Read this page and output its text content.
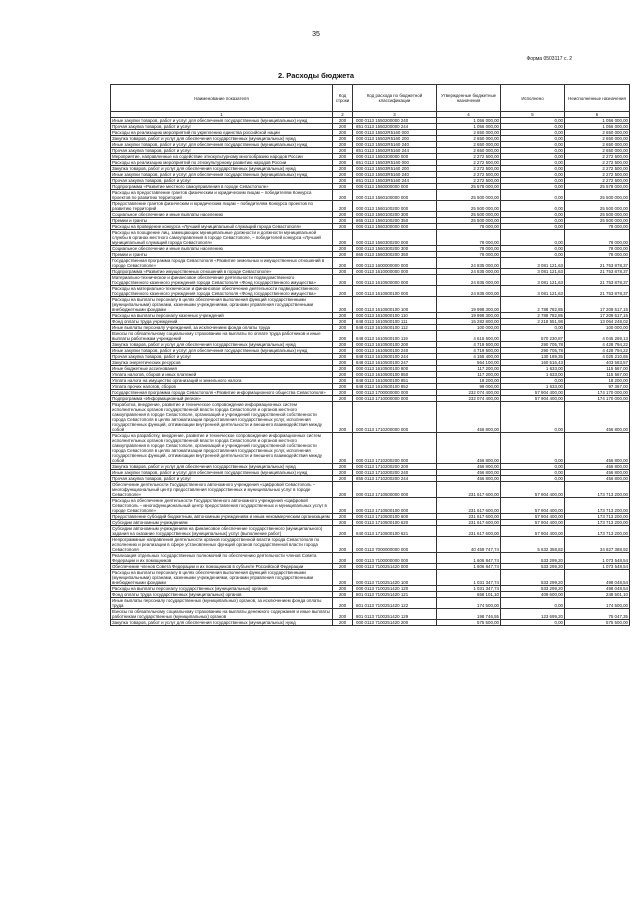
35
Форма 0503117 с. 2
2. Расходы бюджета
Наименование показателя	Код строки	Код расхода по бюджетной классификации	Утвержденные бюджетные назначения	Исполнено	Неисполненные назначения
1	2	3	4	5	6
Иные закупки товаров, работ и услуг для обеспечения государственных (муниципальных) нужд	200	000 0113 1550200000 240	1 056 000,00	0,00	1 056 000,00
Прочая закупка товаров, работ и услуг	200	851 0113 1550200000 244	1 056 000,00	0,00	1 056 000,00
Расходы на реализацию мероприятий по укреплению единства российской нации	200	000 0113 15502R5160 000	2 650 000,00	0,00	2 650 000,00
Закупка товаров, работ и услуг для обеспечения государственных (муниципальных) нужд	200	000 0113 15502R5160 200	2 650 000,00	0,00	2 650 000,00
Иные закупки товаров, работ и услуг для обеспечения государственных (муниципальных) нужд	200	000 0113 15502R5160 240	2 650 000,00	0,00	2 650 000,00
Прочая закупка товаров, работ и услуг	200	851 0113 15502R5160 244	2 650 000,00	0,00	2 650 000,00
Мероприятие, направленные на содействие этнокультурному многообразию народов России	200	000 0113 1550300000 000	2 272 500,00	0,00	2 272 500,00
Расходы на реализацию мероприятий по этнокультурному развитию народов России	200	851 0113 15503R5160 000	2 272 500,00	0,00	2 272 500,00
Закупка товаров, работ и услуг для обеспечения государственных (муниципальных) нужд	200	000 0113 15503R5160 200	2 272 500,00	0,00	2 272 500,00
Иные закупки товаров, работ и услуг для обеспечения государственных (муниципальных) нужд	200	000 0113 15503R5160 240	2 272 500,00	0,00	2 272 500,00
Прочая закупка товаров, работ и услуг	200	851 0113 15503R5160 244	2 272 500,00	0,00	2 272 500,00
Подпрограмма «Развитие местного самоуправления в городе Севастополе»	200	000 0113 1560000000 000	25 578 000,00	0,00	25 578 000,00
Расходы на предоставление грантов физическим и юридическим лицам – победителям Конкурса проектов по развитию территорий	200	000 0113 1560100000 000	25 500 000,00	0,00	25 500 000,00
Предоставление грантов физическим и юридическим лицам – победителям Конкурса проектов по развитию территорий	200	000 0113 1560100200 000	25 500 000,00	0,00	25 500 000,00
Социальное обеспечение и иные выплаты населению	200	000 0113 1560100200 300	25 500 000,00	0,00	25 500 000,00
Премии и гранты	200	865 0113 1560100200 350	25 500 000,00	0,00	25 500 000,00
Расходы на проведение конкурса «Лучший муниципальный служащий города Севастополя»	200	000 0113 1560300000 000	78 000,00	0,00	78 000,00
Расходы на поощрение лиц, замещающих муниципальные должности и должности муниципальной службы в органах местного самоуправления в городе Севастополе, – победителей конкурса «Лучший муниципальный служащий города Севастополя»	200	000 0113 1560300200 000	78 000,00	0,00	78 000,00
Социальное обеспечение и иные выплаты населению	200	000 0113 1560300200 300	78 000,00	0,00	78 000,00
Премии и гранты	200	865 0113 1560300200 350	78 000,00	0,00	78 000,00
Государственная программа города Севастополя «Развитие земельных и имущественных отношений в городе Севастополе»	200	000 0113 1600000000 000	24 835 000,00	3 081 121,63	21 753 878,37
Подпрограмма «Развитие имущественных отношений в городе Севастополе»	200	000 0113 1610000000 000	24 835 000,00	3 081 121,63	21 753 878,37
Материально-техническое и финансовое обеспечение деятельности подведомственного Государственного казенного учреждения города Севастополя «Фонд государственного имущества»	200	000 0113 1610500000 000	24 835 000,00	3 081 121,63	21 753 878,37
Расходы на материально-техническое и финансовое обеспечение деятельности подведомственного Государственного казенного учреждения города Севастополя «Фонд государственного имущества»	200	000 0113 1610500100 000	24 835 000,00	3 081 121,63	21 753 878,37
Расходы на выплаты персоналу в целях обеспечения выполнения функций государственными (муниципальными) органами, казенными учреждениями, органами управления государственными внебюджетными фондами	200	000 0113 1610500100 100	19 998 300,00	2 788 782,85	17 209 517,15
Расходы на выплаты персоналу казенных учреждений	200	000 0113 1610500100 110	19 998 300,00	2 788 782,85	17 209 517,15
Фонд оплаты труда учреждений	200	848 0113 1610500100 111	15 282 800,00	2 218 551,98	13 064 248,02
Иные выплаты персоналу учреждений, за исключением фонда оплаты труда	200	848 0113 1610500100 112	100 000,00	0,00	100 000,00
Взносы по обязательному социальному страхованию на выплаты по оплате труда работников и иные выплаты работникам учреждений	200	848 0113 1610500100 119	4 615 500,00	570 230,87	4 045 269,13
Закупка товаров, работ и услуг для обеспечения государственных (муниципальных) нужд	200	000 0113 1610500100 200	4 719 500,00	290 705,78	4 428 794,22
Иные закупки товаров, работ и услуг для обеспечения государственных (муниципальных) нужд	200	000 0113 1610500100 240	4 719 500,00	290 705,78	4 428 794,22
Прочая закупка товаров, работ и услуг	200	848 0113 1610500100 244	4 155 400,00	130 189,35	4 025 210,65
Закупка энергетических ресурсов	200	848 0113 1610500100 247	564 100,00	160 516,43	403 583,57
Иные бюджетные ассигнования	200	000 0113 1610500100 800	117 200,00	1 633,00	115 567,00
Уплата налогов, сборов и иных платежей	200	000 0113 1610500100 850	117 200,00	1 633,00	115 567,00
Уплата налога на имущество организаций и земельного налога	200	848 0113 1610500100 851	18 200,00	0,00	18 200,00
Уплата прочих налогов, сборов	200	848 0113 1610500100 852	99 000,00	1 633,00	97 367,00
Государственная программа города Севастополя «Развитие информационного общества Севастополя»	200	000 0113 1700000000 000	232 074 400,00	57 904 400,00	174 170 000,00
Подпрограмма «Информационный регион»	200	000 0113 1710000000 000	232 074 400,00	57 904 400,00	174 170 000,00
Разработка, внедрение, развитие и техническое сопровождение информационных систем исполнительных органов государственной власти города Севастополя и органов местного самоуправления в городе Севастополе, организаций и учреждений государственной собственности города Севастополя в целях автоматизации предоставления государственных услуг, исполнения государственных функций, оптимизации внутренней деятельности и внешнего взаимодействия между собой	200	000 0113 1710200000 000	456 800,00	0,00	456 800,00
Расходы на разработку, внедрение, развитие и техническое сопровождение информационных систем исполнительных органов государственной власти города Севастополя и органов местного самоуправления в городе Севастополе, организаций и учреждений государственной собственности города Севастополя в целях автоматизации предоставления государственных услуг, исполнения государственных функций, оптимизации внутренней деятельности и внешнего взаимодействия между собой	200	000 0113 1710200200 000	456 800,00	0,00	456 800,00
Закупка товаров, работ и услуг для обеспечения государственных (муниципальных) нужд	200	000 0113 1710200200 200	456 800,00	0,00	456 800,00
Иные закупки товаров, работ и услуг для обеспечения государственных (муниципальных) нужд	200	000 0113 1710200200 240	456 800,00	0,00	456 800,00
Прочая закупка товаров, работ и услуг	200	855 0113 1710200200 244	456 800,00	0,00	456 800,00
Обеспечение деятельности Государственного автономного учреждения «Цифровой Севастополь – многофункциональный центр предоставления государственных и муниципальных услуг в городе Севастополе»	200	000 0113 1710500000 000	231 617 600,00	57 904 400,00	173 713 200,00
Расходы на обеспечение деятельности Государственного автономного учреждения «Цифровой Севастополь – многофункциональный центр предоставления государственных и муниципальных услуг в городе Севастополе»	200	000 0113 1710500100 000	231 617 600,00	57 904 400,00	173 713 200,00
Предоставление субсидий бюджетным, автономным учреждениям и иным некоммерческим организациям	200	000 0113 1710500100 600	231 617 600,00	57 904 400,00	173 713 200,00
Субсидии автономным учреждениям	200	000 0113 1710500100 620	231 617 600,00	57 904 400,00	173 713 200,00
Субсидии автономным учреждениям на финансовое обеспечение государственного (муниципального) задания на оказание государственных (муниципальных) услуг (выполнение работ)	200	840 0113 1710500100 621	231 617 600,00	57 904 400,00	173 713 200,00
Непрограммные направления деятельности органов государственной власти города Севастополя по исполнению и реализации в сфере установленных функций органов государственной власти города Севастополя	200	000 0113 7000000000 000	40 459 747,74	5 632 358,82	34 827 388,92
Реализация отдельных государственных полномочий по обеспечению деятельности членов Совета Федерации и их помощников	200	000 0113 7100000000 000	1 606 847,74	533 299,20	1 073 548,54
Обеспечение членов Совета Федерации и их помощников в субъекте Российской Федерации	200	000 0113 7100251420 000	1 606 847,74	533 299,20	1 073 548,54
Расходы на выплаты персоналу в целях обеспечения выполнения функций государственными (муниципальными) органами, казенными учреждениями, органами управления государственными внебюджетными фондами	200	000 0113 7100251420 100	1 031 347,74	533 299,20	498 048,54
Расходы на выплаты персоналу государственных (муниципальных) органов	200	000 0113 7100251420 120	1 031 347,74	533 299,20	498 048,54
Фонд оплаты труда государственных (муниципальных) органов	200	801 0113 7100251420 121	658 101,10	409 600,00	248 501,10
Иные выплаты персоналу государственных (муниципальных) органов, за исключением фонда оплаты труда	200	801 0113 7100251420 122	174 500,00	0,00	174 500,00
Взносы по обязательному социальному страхованию на выплаты денежного содержания и иные выплаты работникам государственных (муниципальных) органов	200	801 0113 7100251420 129	198 746,55	123 699,20	75 047,35
Закупка товаров, работ и услуг для обеспечения государственных (муниципальных) нужд	200	000 0113 7100251420 200	575 500,00	0,00	575 500,00
